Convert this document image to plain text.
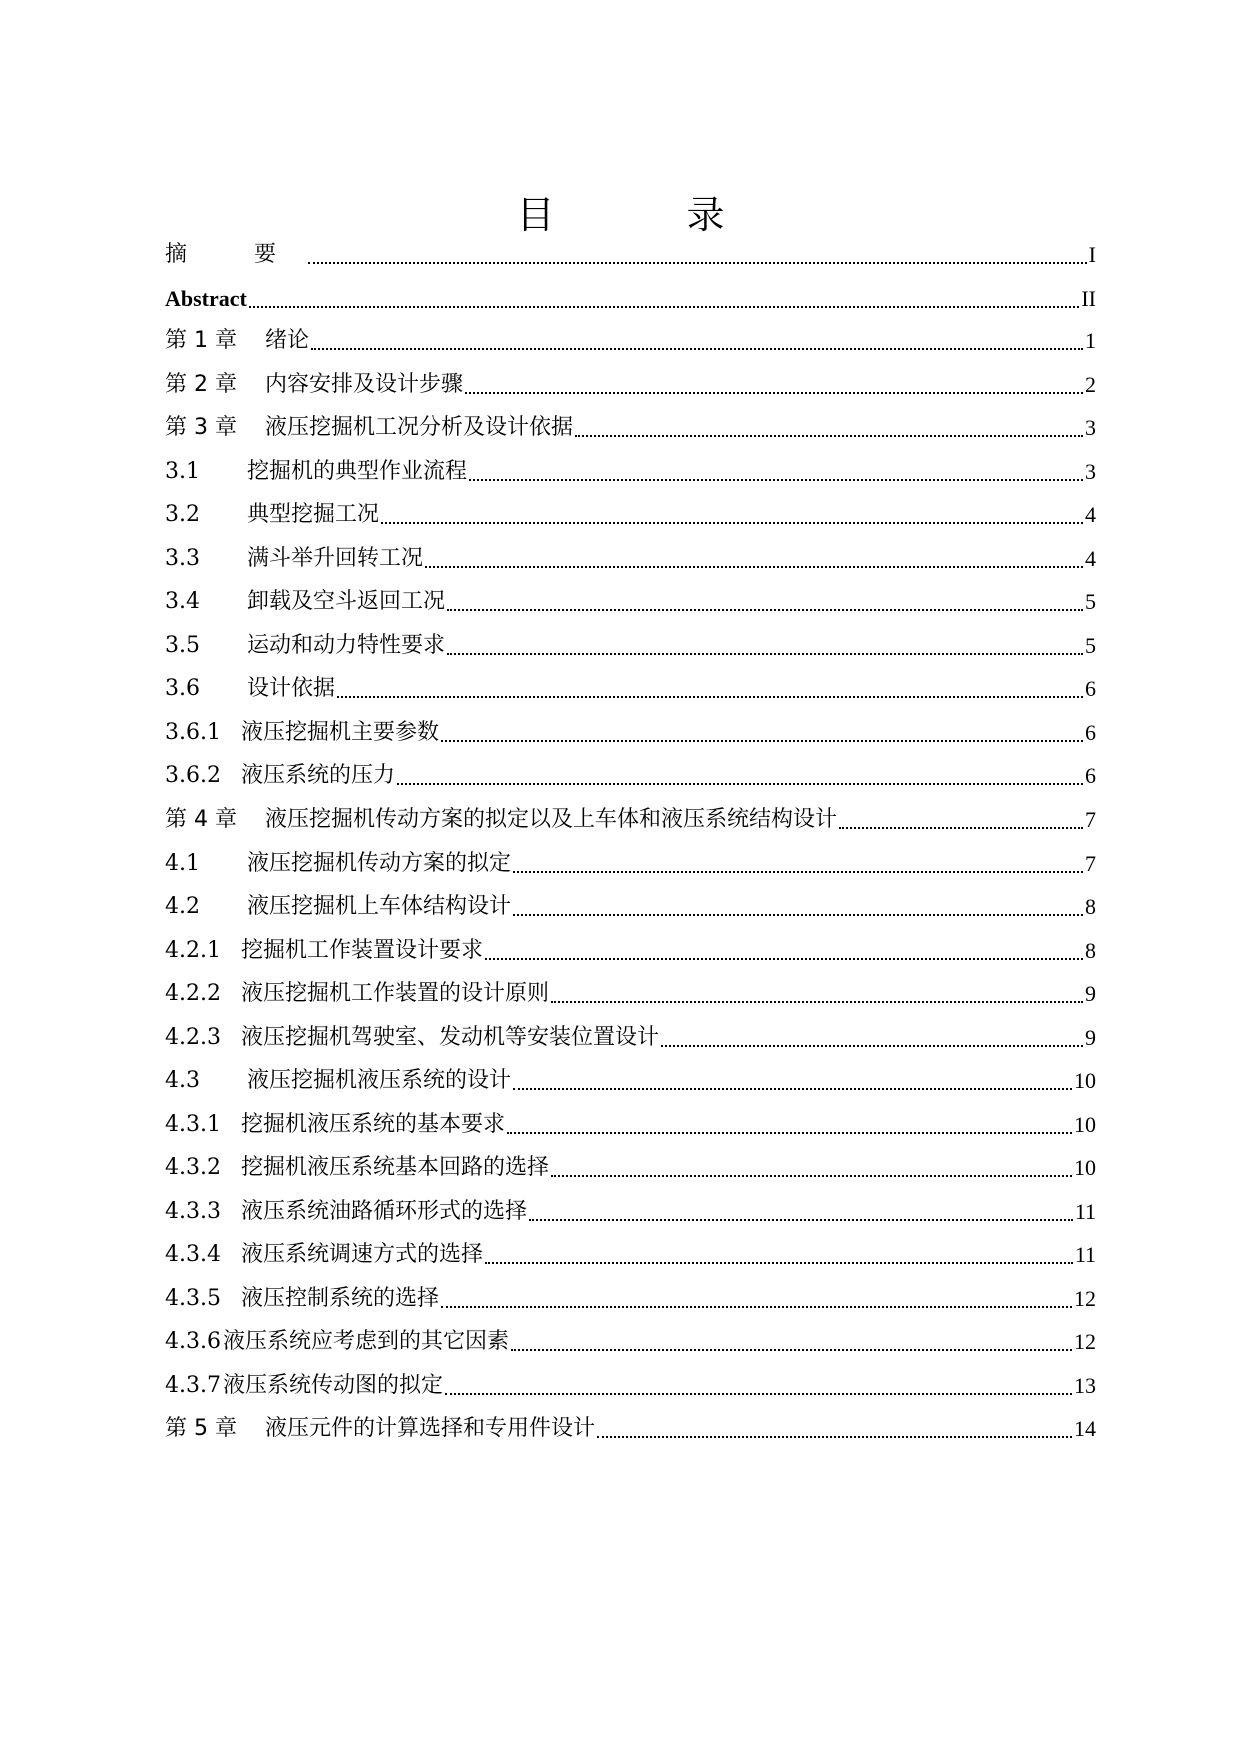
目 录
摘 要	I
Abstract	II
第 1 章	绪论	1
第 2 章	内容安排及设计步骤	2
第 3 章	液压挖掘机工况分析及设计依据	3
3.1	挖掘机的典型作业流程	3
3.2	典型挖掘工况	4
3.3	满斗举升回转工况	4
3.4	卸载及空斗返回工况	5
3.5	运动和动力特性要求	5
3.6	设计依据	6
3.6.1 液压挖掘机主要参数	6
3.6.2 液压系统的压力	6
第 4 章	液压挖掘机传动方案的拟定以及上车体和液压系统结构设计	7
4.1	液压挖掘机传动方案的拟定	7
4.2	液压挖掘机上车体结构设计	8
4.2.1 挖掘机工作装置设计要求	8
4.2.2 液压挖掘机工作装置的设计原则	9
4.2.3 液压挖掘机驾驶室、发动机等安装位置设计	9
4.3	液压挖掘机液压系统的设计	10
4.3.1 挖掘机液压系统的基本要求	10
4.3.2 挖掘机液压系统基本回路的选择	10
4.3.3 液压系统油路循环形式的选择	11
4.3.4 液压系统调速方式的选择	11
4.3.5 液压控制系统的选择	12
4.3.6 液压系统应考虑到的其它因素	12
4.3.7 液压系统传动图的拟定	13
第 5 章	液压元件的计算选择和专用件设计	14
